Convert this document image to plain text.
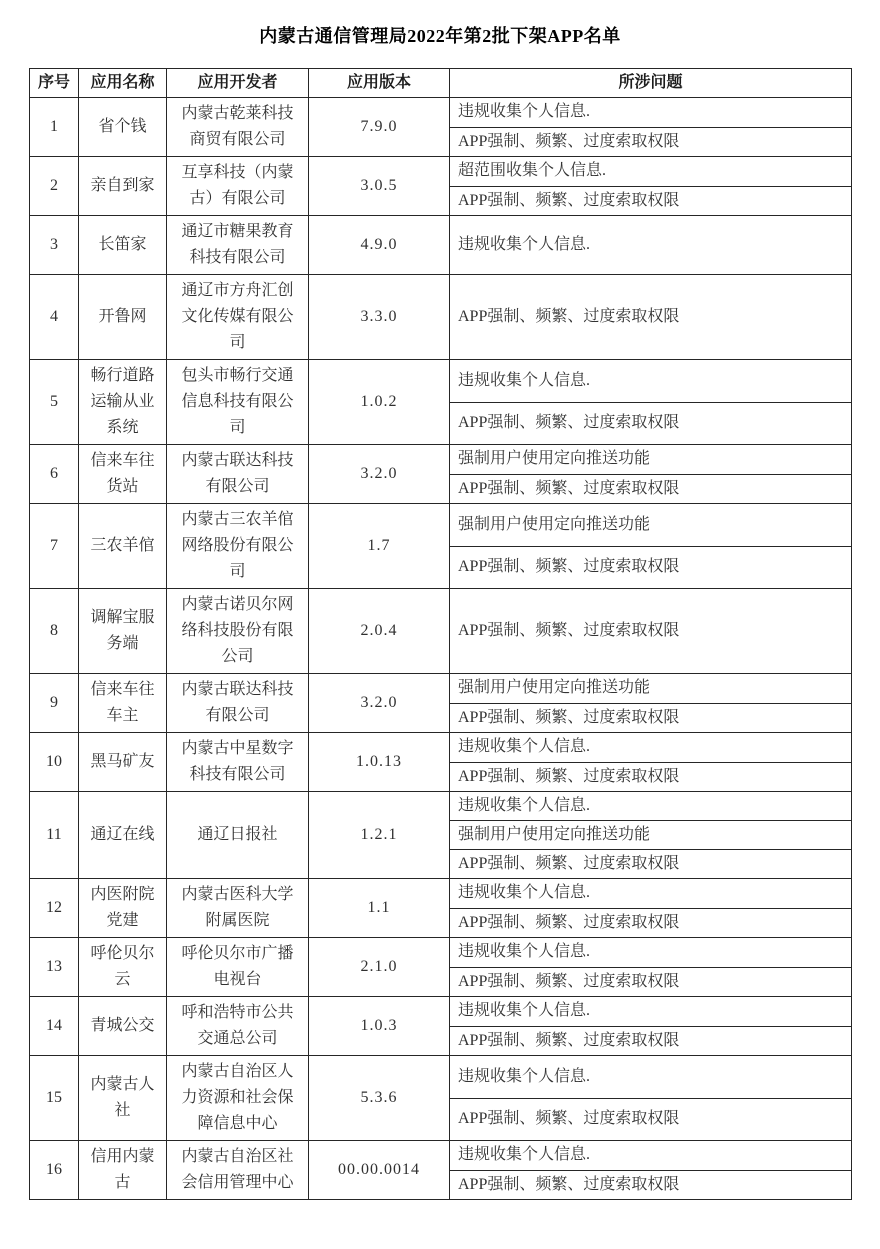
内蒙古通信管理局2022年第2批下架APP名单
序号	应用名称	应用开发者	应用版本	所涉问题
1	省个钱	内蒙古乾莱科技商贸有限公司	7.9.0	违规收集个人信息.
				APP强制、频繁、过度索取权限
2	亲自到家	互享科技（内蒙古）有限公司	3.0.5	超范围收集个人信息.
				APP强制、频繁、过度索取权限
3	长笛家	通辽市糖果教育科技有限公司	4.9.0	违规收集个人信息.
4	开鲁网	通辽市方舟汇创文化传媒有限公司	3.3.0	APP强制、频繁、过度索取权限
5	畅行道路运输从业系统	包头市畅行交通信息科技有限公司	1.0.2	违规收集个人信息.
				APP强制、频繁、过度索取权限
6	信来车往货站	内蒙古联达科技有限公司	3.2.0	强制用户使用定向推送功能
				APP强制、频繁、过度索取权限
7	三农羊倌	内蒙古三农羊倌网络股份有限公司	1.7	强制用户使用定向推送功能
				APP强制、频繁、过度索取权限
8	调解宝服务端	内蒙古诺贝尔网络科技股份有限公司	2.0.4	APP强制、频繁、过度索取权限
9	信来车往车主	内蒙古联达科技有限公司	3.2.0	强制用户使用定向推送功能
				APP强制、频繁、过度索取权限
10	黑马矿友	内蒙古中星数字科技有限公司	1.0.13	违规收集个人信息.
				APP强制、频繁、过度索取权限
11	通辽在线	通辽日报社	1.2.1	违规收集个人信息.
				强制用户使用定向推送功能
				APP强制、频繁、过度索取权限
12	内医附院党建	内蒙古医科大学附属医院	1.1	违规收集个人信息.
				APP强制、频繁、过度索取权限
13	呼伦贝尔云	呼伦贝尔市广播电视台	2.1.0	违规收集个人信息.
				APP强制、频繁、过度索取权限
14	青城公交	呼和浩特市公共交通总公司	1.0.3	违规收集个人信息.
				APP强制、频繁、过度索取权限
15	内蒙古人社	内蒙古自治区人力资源和社会保障信息中心	5.3.6	违规收集个人信息.
				APP强制、频繁、过度索取权限
16	信用内蒙古	内蒙古自治区社会信用管理中心	00.00.0014	违规收集个人信息.
				APP强制、频繁、过度索取权限
